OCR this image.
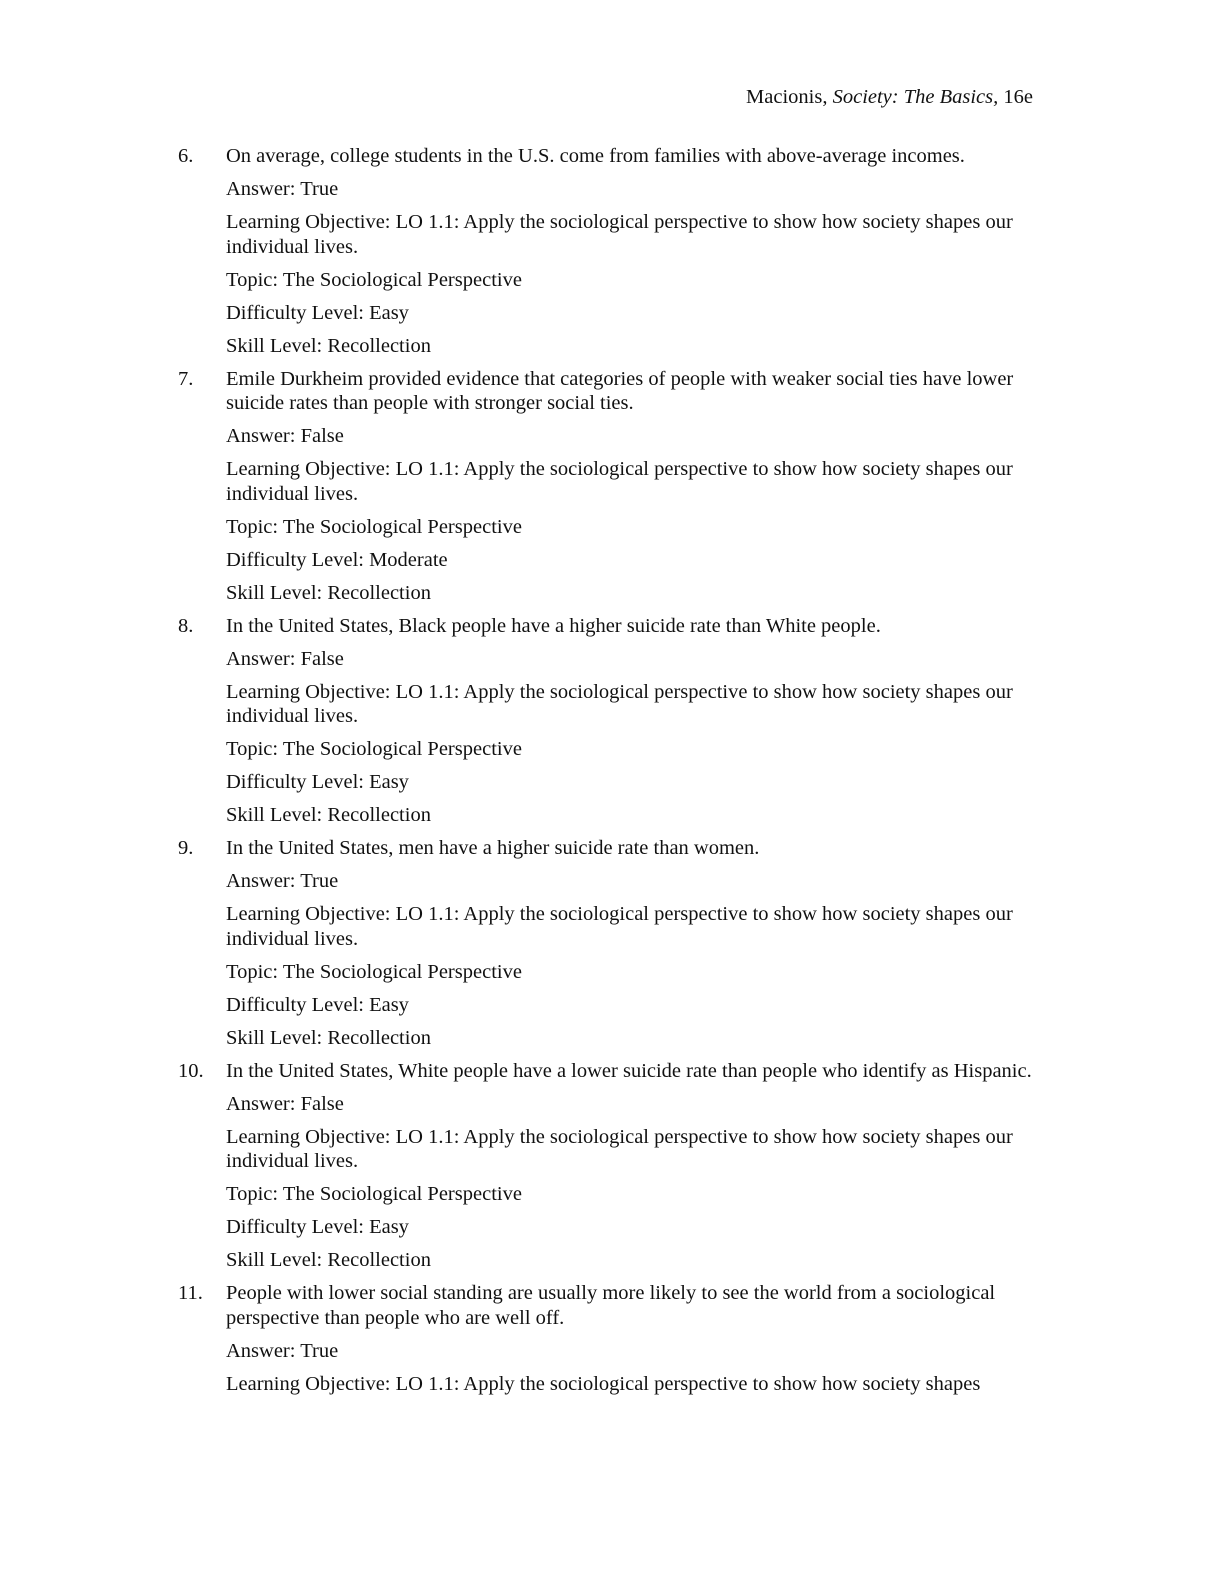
Macionis, Society: The Basics, 16e
6. On average, college students in the U.S. come from families with above-average incomes.
Answer: True
Learning Objective: LO 1.1: Apply the sociological perspective to show how society shapes our individual lives.
Topic: The Sociological Perspective
Difficulty Level: Easy
Skill Level: Recollection
7. Emile Durkheim provided evidence that categories of people with weaker social ties have lower suicide rates than people with stronger social ties.
Answer: False
Learning Objective: LO 1.1: Apply the sociological perspective to show how society shapes our individual lives.
Topic: The Sociological Perspective
Difficulty Level: Moderate
Skill Level: Recollection
8. In the United States, Black people have a higher suicide rate than White people.
Answer: False
Learning Objective: LO 1.1: Apply the sociological perspective to show how society shapes our individual lives.
Topic: The Sociological Perspective
Difficulty Level: Easy
Skill Level: Recollection
9. In the United States, men have a higher suicide rate than women.
Answer: True
Learning Objective: LO 1.1: Apply the sociological perspective to show how society shapes our individual lives.
Topic: The Sociological Perspective
Difficulty Level: Easy
Skill Level: Recollection
10. In the United States, White people have a lower suicide rate than people who identify as Hispanic.
Answer: False
Learning Objective: LO 1.1: Apply the sociological perspective to show how society shapes our individual lives.
Topic: The Sociological Perspective
Difficulty Level: Easy
Skill Level: Recollection
11. People with lower social standing are usually more likely to see the world from a sociological perspective than people who are well off.
Answer: True
Learning Objective: LO 1.1: Apply the sociological perspective to show how society shapes
